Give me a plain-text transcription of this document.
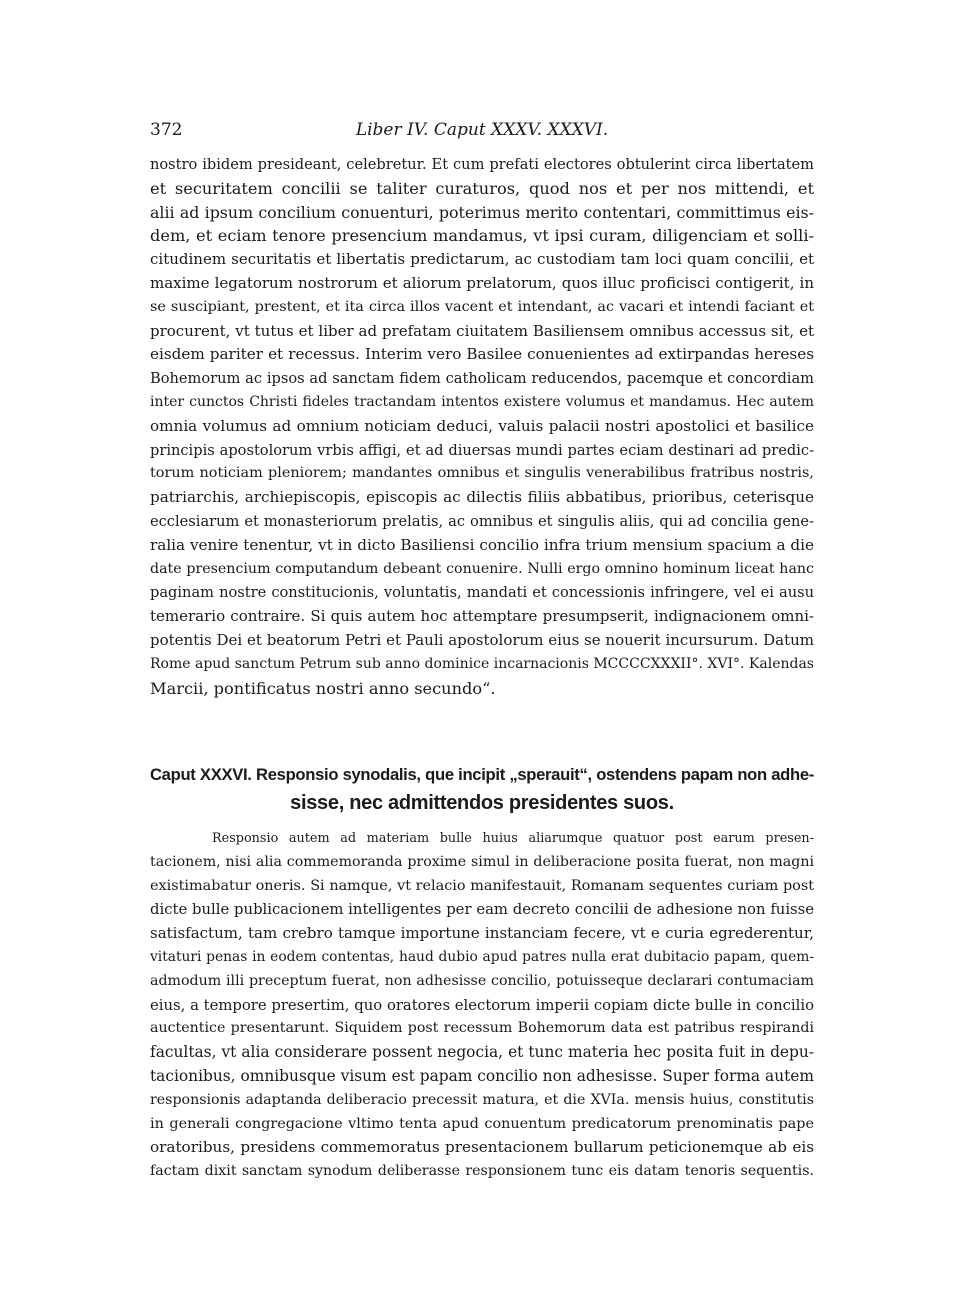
372	Liber IV. Caput XXXV. XXXVI.
nostro ibidem presideant, celebretur. Et cum prefati electores obtulerint circa libertatem
et securitatem concilii se taliter curaturos, quod nos et per nos mittendi, et
alii ad ipsum concilium conuenturi, poterimus merito contentari, committimus eis-
dem, et eciam tenore presencium mandamus, vt ipsi curam, diligenciam et solli-
citudinem securitatis et libertatis predictarum, ac custodiam tam loci quam concilii, et
maxime legatorum nostrorum et aliorum prelatorum, quos illuc proficisci contigerit, in
se suscipiant, prestent, et ita circa illos vacent et intendant, ac vacari et intendi faciant et
procurent, vt tutus et liber ad prefatam ciuitatem Basiliensem omnibus accessus sit, et
eisdem pariter et recessus. Interim vero Basilee conuenientes ad extirpandas hereses
Bohemorum ac ipsos ad sanctam fidem catholicam reducendos, pacemque et concordiam
inter cunctos Christi fideles tractandam intentos existere volumus et mandamus. Hec autem
omnia volumus ad omnium noticiam deduci, valuis palacii nostri apostolici et basilice
principis apostolorum vrbis affigi, et ad diuersas mundi partes eciam destinari ad predic-
torum noticiam pleniorem; mandantes omnibus et singulis venerabilibus fratribus nostris,
patriarchis, archiepiscopis, episcopis ac dilectis filiis abbatibus, prioribus, ceterisque
ecclesiarum et monasteriorum prelatis, ac omnibus et singulis aliis, qui ad concilia gene-
ralia venire tenentur, vt in dicto Basiliensi concilio infra trium mensium spacium a die
date presencium computandum debeant conuenire. Nulli ergo omnino hominum liceat hanc
paginam nostre constitucionis, voluntatis, mandati et concessionis infringere, vel ei ausu
temerario contraire. Si quis autem hoc attemptare presumpserit, indignacionem omni-
potentis Dei et beatorum Petri et Pauli apostolorum eius se nouerit incursurum. Datum
Rome apud sanctum Petrum sub anno dominice incarnacionis MCCCCXXXII°. XVI°. Kalendas
Marcii, pontificatus nostri anno secundo“.
Caput XXXVI. Responsio synodalis, que incipit „sperauit“, ostendens papam non adhe-
sisse, nec admittendos presidentes suos.
Responsio autem ad materiam bulle huius aliarumque quatuor post earum presen-
tacionem, nisi alia commemoranda proxime simul in deliberacione posita fuerat, non magni
existimabatur oneris. Si namque, vt relacio manifestauit, Romanam sequentes curiam post
dicte bulle publicacionem intelligentes per eam decreto concilii de adhesione non fuisse
satisfactum, tam crebro tamque importune instanciam fecere, vt e curia egrederentur,
vitaturi penas in eodem contentas, haud dubio apud patres nulla erat dubitacio papam, quem-
admodum illi preceptum fuerat, non adhesisse concilio, potuisseque declarari contumaciam
eius, a tempore presertim, quo oratores electorum imperii copiam dicte bulle in concilio
auctentice presentarunt. Siquidem post recessum Bohemorum data est patribus respirandi
facultas, vt alia considerare possent negocia, et tunc materia hec posita fuit in depu-
tacionibus, omnibusque visum est papam concilio non adhesisse. Super forma autem
responsionis adaptanda deliberacio precessit matura, et die XVIa. mensis huius, constitutis
in generali congregacione vltimo tenta apud conuentum predicatorum prenominatis pape
oratoribus, presidens commemoratus presentacionem bullarum peticionemque ab eis
factam dixit sanctam synodum deliberasse responsionem tunc eis datam tenoris sequentis.
